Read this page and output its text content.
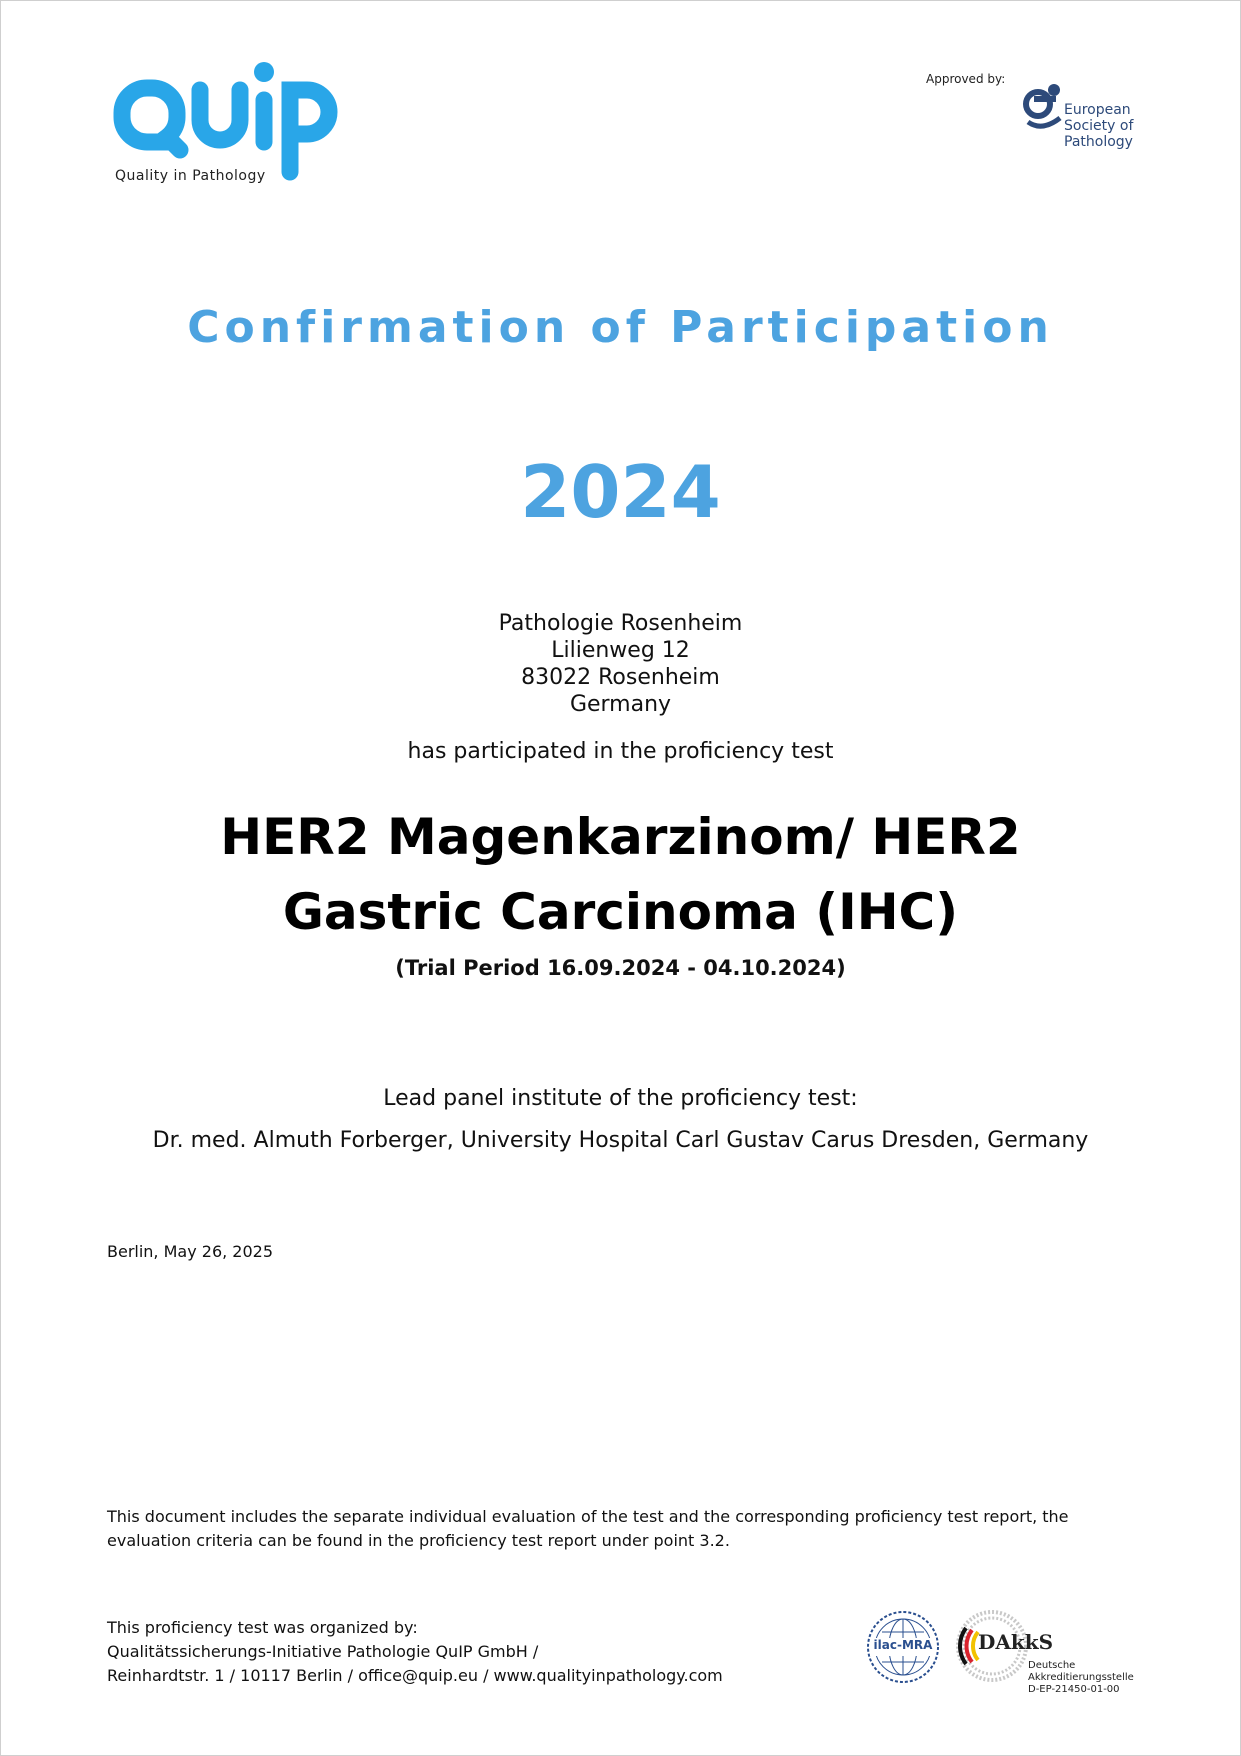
Quality in Pathology
Approved by:
European
Society of
Pathology
Confirmation of Participation
2024
Pathologie Rosenheim
Lilienweg 12
83022 Rosenheim
Germany
has participated in the proficiency test
HER2 Magenkarzinom/ HER2
Gastric Carcinoma (IHC)
(Trial Period 16.09.2024 - 04.10.2024)
Lead panel institute of the proficiency test:
Dr. med. Almuth Forberger, University Hospital Carl Gustav Carus Dresden, Germany
Berlin, May 26, 2025
This document includes the separate individual evaluation of the test and the corresponding proficiency test report, the evaluation criteria can be found in the proficiency test report under point 3.2.
This proficiency test was organized by:
Qualitätssicherungs-Initiative Pathologie QuIP GmbH /
Reinhardtstr. 1 / 10117 Berlin / office@quip.eu / www.qualityinpathology.com
ilac-MRA	DAkkS
Deutsche
Akkreditierungsstelle
D-EP-21450-01-00
